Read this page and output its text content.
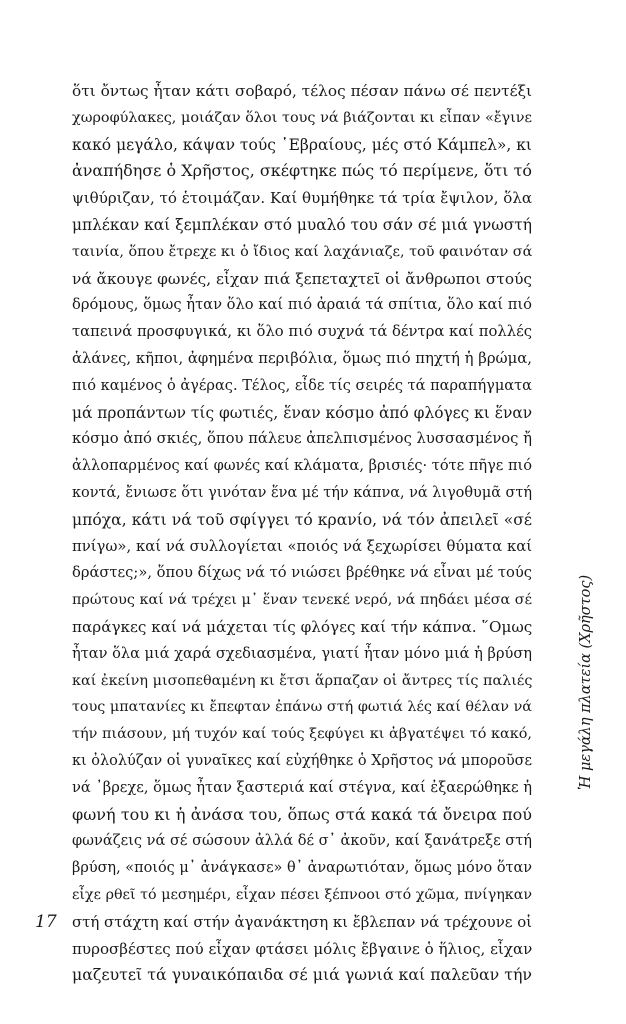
ὅτι ὄντως ἦταν κάτι σοβαρό, τέλος πέσαν πάνω σέ πεντέξι
χωροφύλακες, μοιάζαν ὅλοι τους νά βιάζονται κι εἶπαν «ἔγινε
κακό μεγάλο, κάψαν τούς ῾Εβραίους, μές στό Κάμπελ», κι
ἀναπήδησε ὁ Χρῆστος, σκέφτηκε πώς τό περίμενε, ὅτι τό
ψιθύριζαν, τό ἑτοιμάζαν. Καί θυμήθηκε τά τρία ἔψιλον, ὅλα
μπλέκαν καί ξεμπλέκαν στό μυαλό του σάν σέ μιά γνωστή
ταινία, ὅπου ἔτρεχε κι ὁ ἴδιος καί λαχάνιαζε, τοῦ φαινόταν σά
νά ἄκουγε φωνές, εἶχαν πιά ξεπεταχτεῖ οἱ ἄνθρωποι στούς
δρόμους, ὅμως ἦταν ὅλο καί πιό ἀραιά τά σπίτια, ὅλο καί πιό
ταπεινά προσφυγικά, κι ὅλο πιό συχνά τά δέντρα καί πολλές
ἁλάνες, κῆποι, ἀφημένα περιβόλια, ὅμως πιό πηχτή ἡ βρώμα,
πιό καμένος ὁ ἀγέρας. Τέλος, εἶδε τίς σειρές τά παραπήγματα
μά προπάντων τίς φωτιές, ἕναν κόσμο ἀπό φλόγες κι ἕναν
κόσμο ἀπό σκιές, ὅπου πάλευε ἀπελπισμένος λυσσασμένος ἤ
ἀλλοπαρμένος καί φωνές καί κλάματα, βρισιές· τότε πῆγε πιό
κοντά, ἔνιωσε ὅτι γινόταν ἕνα μέ τήν κάπνα, νά λιγοθυμᾶ στή
μπόχα, κάτι νά τοῦ σφίγγει τό κρανίο, νά τόν ἀπειλεῖ «σέ
πνίγω», καί νά συλλογίεται «ποιός νά ξεχωρίσει θύματα καί
δράστες;», ὅπου δίχως νά τό νιώσει βρέθηκε νά εἶναι μέ τούς
πρώτους καί νά τρέχει μ᾿ ἕναν τενεκέ νερό, νά πηδάει μέσα σέ
παράγκες καί νά μάχεται τίς φλόγες καί τήν κάπνα. ῞Ομως
ἦταν ὅλα μιά χαρά σχεδιασμένα, γιατί ἦταν μόνο μιά ἡ βρύση
καί ἐκείνη μισοπεθαμένη κι ἔτσι ἅρπαζαν οἱ ἄντρες τίς παλιές
τους μπατανίες κι ἔπεφταν ἐπάνω στή φωτιά λές καί θέλαν νά
τήν πιάσουν, μή τυχόν καί τούς ξεφύγει κι ἀβγατέψει τό κακό,
κι ὀλολύζαν οἱ γυναῖκες καί εὐχήθηκε ὁ Χρῆστος νά μποροῦσε
νά ᾿βρεχε, ὅμως ἦταν ξαστεριά καί στέγνα, καί ἐξαερώθηκε ἡ
φωνή του κι ἡ ἀνάσα του, ὅπως στά κακά τά ὄνειρα πού
φωνάζεις νά σέ σώσουν ἀλλά δέ σ᾿ ἀκοῦν, καί ξανάτρεξε στή
βρύση, «ποιός μ᾿ ἀνάγκασε» θ᾿ ἀναρωτιόταν, ὅμως μόνο ὅταν
εἶχε ρθεῖ τό μεσημέρι, εἶχαν πέσει ξέπνοοι στό χῶμα, πνίγηκαν
στή στάχτη καί στήν ἀγανάκτηση κι ἔβλεπαν νά τρέχουνε οἱ
πυροσβέστες πού εἶχαν φτάσει μόλις ἔβγαινε ὁ ἥλιος, εἶχαν
μαζευτεῖ τά γυναικόπαιδα σέ μιά γωνιά καί παλεῦαν τήν
17
Ἡ μεγάλη πλατεία (Χρῆστος)
